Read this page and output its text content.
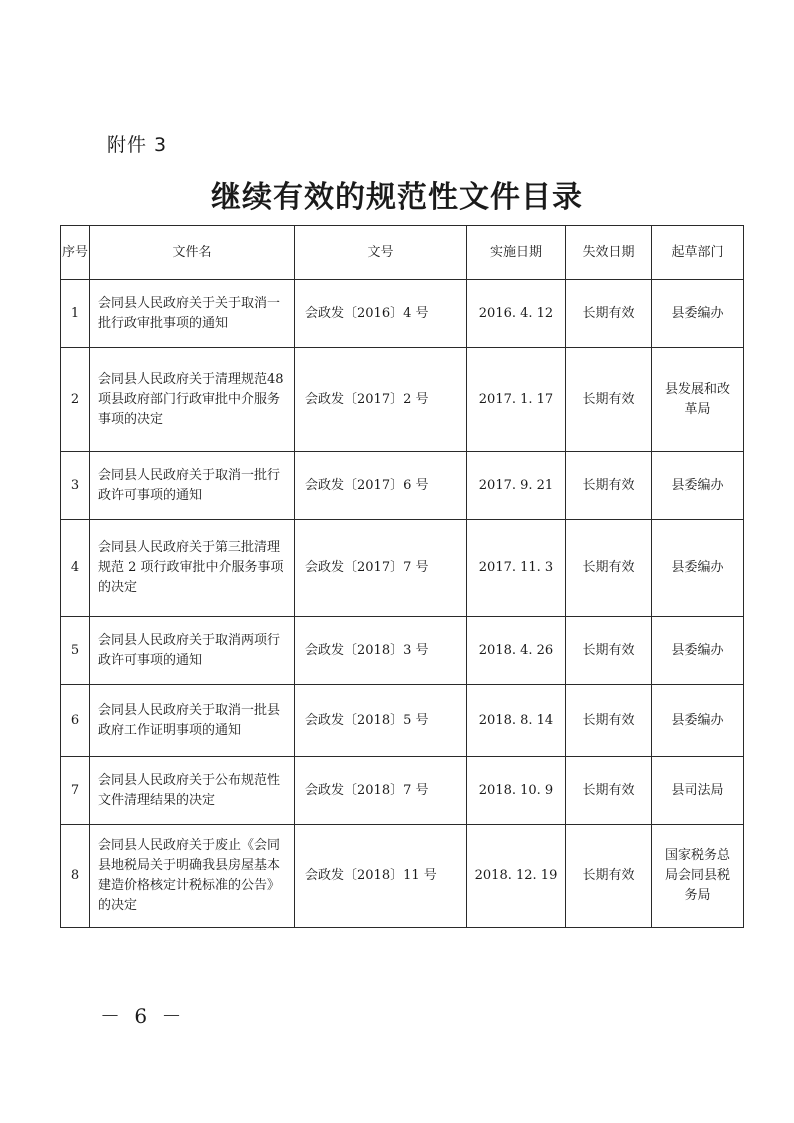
附件 3
继续有效的规范性文件目录
序号	文件名	文号	实施日期	失效日期	起草部门
1	会同县人民政府关于关于取消一批行政审批事项的通知	会政发〔2016〕4 号	2016. 4. 12	长期有效	县委编办
2	会同县人民政府关于清理规范48 项县政府部门行政审批中介服务事项的决定	会政发〔2017〕2 号	2017. 1. 17	长期有效	县发展和改革局
3	会同县人民政府关于取消一批行政许可事项的通知	会政发〔2017〕6 号	2017. 9. 21	长期有效	县委编办
4	会同县人民政府关于第三批清理规范 2 项行政审批中介服务事项的决定	会政发〔2017〕7 号	2017. 11. 3	长期有效	县委编办
5	会同县人民政府关于取消两项行政许可事项的通知	会政发〔2018〕3 号	2018. 4. 26	长期有效	县委编办
6	会同县人民政府关于取消一批县政府工作证明事项的通知	会政发〔2018〕5 号	2018. 8. 14	长期有效	县委编办
7	会同县人民政府关于公布规范性文件清理结果的决定	会政发〔2018〕7 号	2018. 10. 9	长期有效	县司法局
8	会同县人民政府关于废止《会同县地税局关于明确我县房屋基本建造价格核定计税标准的公告》的决定	会政发〔2018〕11 号	2018. 12. 19	长期有效	国家税务总局会同县税务局
－ 6 －
